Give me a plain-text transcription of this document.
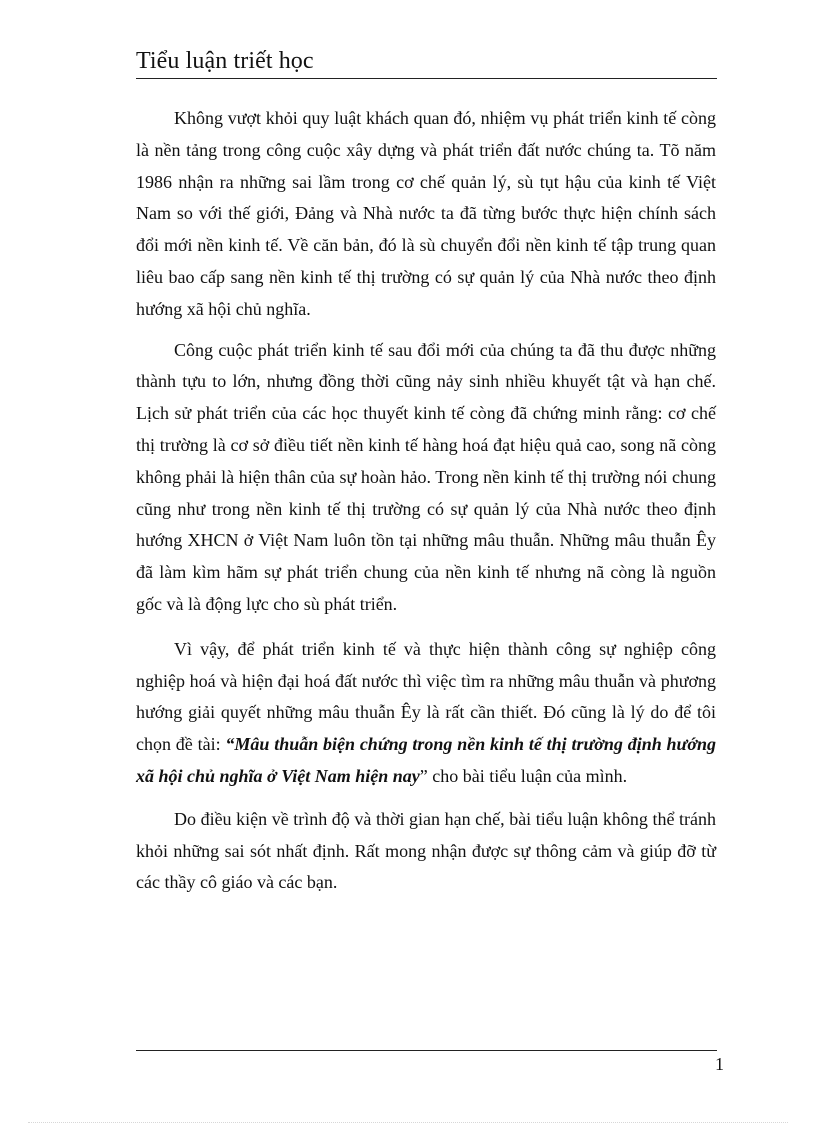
Tiểu luận triết học

Không vượt khỏi quy luật khách quan đó, nhiệm vụ phát triển kinh tế còng là nền tảng trong công cuộc xây dựng và phát triển đất nước chúng ta. Tõ năm 1986 nhận ra những sai lầm trong cơ chế quản lý, sù tụt hậu của kinh tế Việt Nam so với thế giới, Đảng và Nhà nước ta đã từng bước thực hiện chính sách đổi mới nền kinh tế. Về căn bản, đó là sù chuyển đổi nền kinh tế tập trung quan liêu bao cấp sang nền kinh tế thị trường có sự quản lý của Nhà nước theo định hướng xã hội chủ nghĩa.

Công cuộc phát triển kinh tế sau đổi mới của chúng ta đã thu được những thành tựu to lớn, nhưng đồng thời cũng nảy sinh nhiều khuyết tật và hạn chế. Lịch sử phát triển của các học thuyết kinh tế còng đã chứng minh rằng: cơ chế thị trường là cơ sở điều tiết nền kinh tế hàng hoá đạt hiệu quả cao, song nã còng không phải là hiện thân của sự hoàn hảo. Trong nền kinh tế thị trường nói chung cũng như trong nền kinh tế thị trường có sự quản lý của Nhà nước theo định hướng XHCN ở Việt Nam luôn tồn tại những mâu thuẫn. Những mâu thuẫn Êy đã làm kìm hãm sự phát triển chung của nền kinh tế nhưng nã còng là nguồn gốc và là động lực cho sù phát triển.

Vì vậy, để phát triển kinh tế và thực hiện thành công sự nghiệp công nghiệp hoá và hiện đại hoá đất nước thì việc tìm ra những mâu thuẫn và phương hướng giải quyết những mâu thuẫn Êy là rất cần thiết. Đó cũng là lý do để tôi chọn đề tài: “Mâu thuẫn biện chứng trong nền kinh tế thị trường định hướng xã hội chủ nghĩa ở Việt Nam hiện nay” cho bài tiểu luận của mình.

Do điều kiện về trình độ và thời gian hạn chế, bài tiểu luận không thể tránh khỏi những sai sót nhất định. Rất mong nhận được sự thông cảm và giúp đỡ từ các thầy cô giáo và các bạn.

1
